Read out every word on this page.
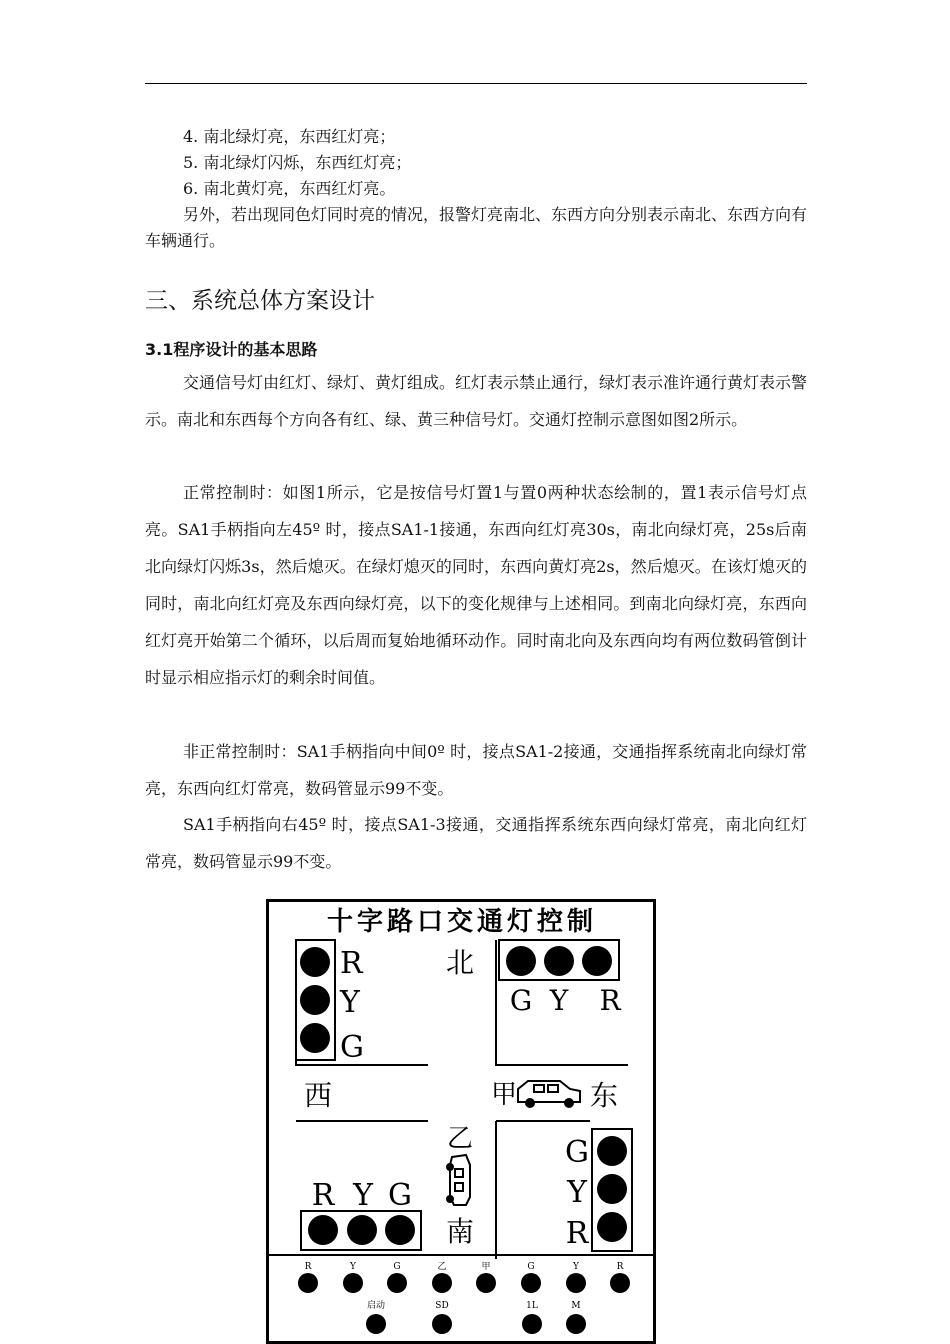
4. 南北绿灯亮，东西红灯亮；
5. 南北绿灯闪烁，东西红灯亮；
6. 南北黄灯亮，东西红灯亮。
另外，若出现同色灯同时亮的情况，报警灯亮南北、东西方向分别表示南北、东西方向有车辆通行。
三、系统总体方案设计
3.1程序设计的基本思路
交通信号灯由红灯、绿灯、黄灯组成。红灯表示禁止通行，绿灯表示准许通行黄灯表示警示。南北和东西每个方向各有红、绿、黄三种信号灯。交通灯控制示意图如图2所示。
正常控制时：如图1所示，它是按信号灯置1与置0两种状态绘制的，置1表示信号灯点亮。SA1手柄指向左45º 时，接点SA1-1接通，东西向红灯亮30s，南北向绿灯亮，25s后南北向绿灯闪烁3s，然后熄灭。在绿灯熄灭的同时，东西向黄灯亮2s，然后熄灭。在该灯熄灭的同时，南北向红灯亮及东西向绿灯亮，以下的变化规律与上述相同。到南北向绿灯亮，东西向红灯亮开始第二个循环，以后周而复始地循环动作。同时南北向及东西向均有两位数码管倒计时显示相应指示灯的剩余时间值。
非正常控制时：SA1手柄指向中间0º 时，接点SA1-2接通，交通指挥系统南北向绿灯常亮，东西向红灯常亮，数码管显示99不变。
SA1手柄指向右45º 时，接点SA1-3接通，交通指挥系统东西向绿灯常亮，南北向红灯常亮，数码管显示99不变。
十字路口交通灯控制
R
Y
G
北
G Y R
西	甲	东
乙
南
R Y G
G
Y
R
R	Y	G	乙	甲	G	Y	R
启动	SD	1L	M
